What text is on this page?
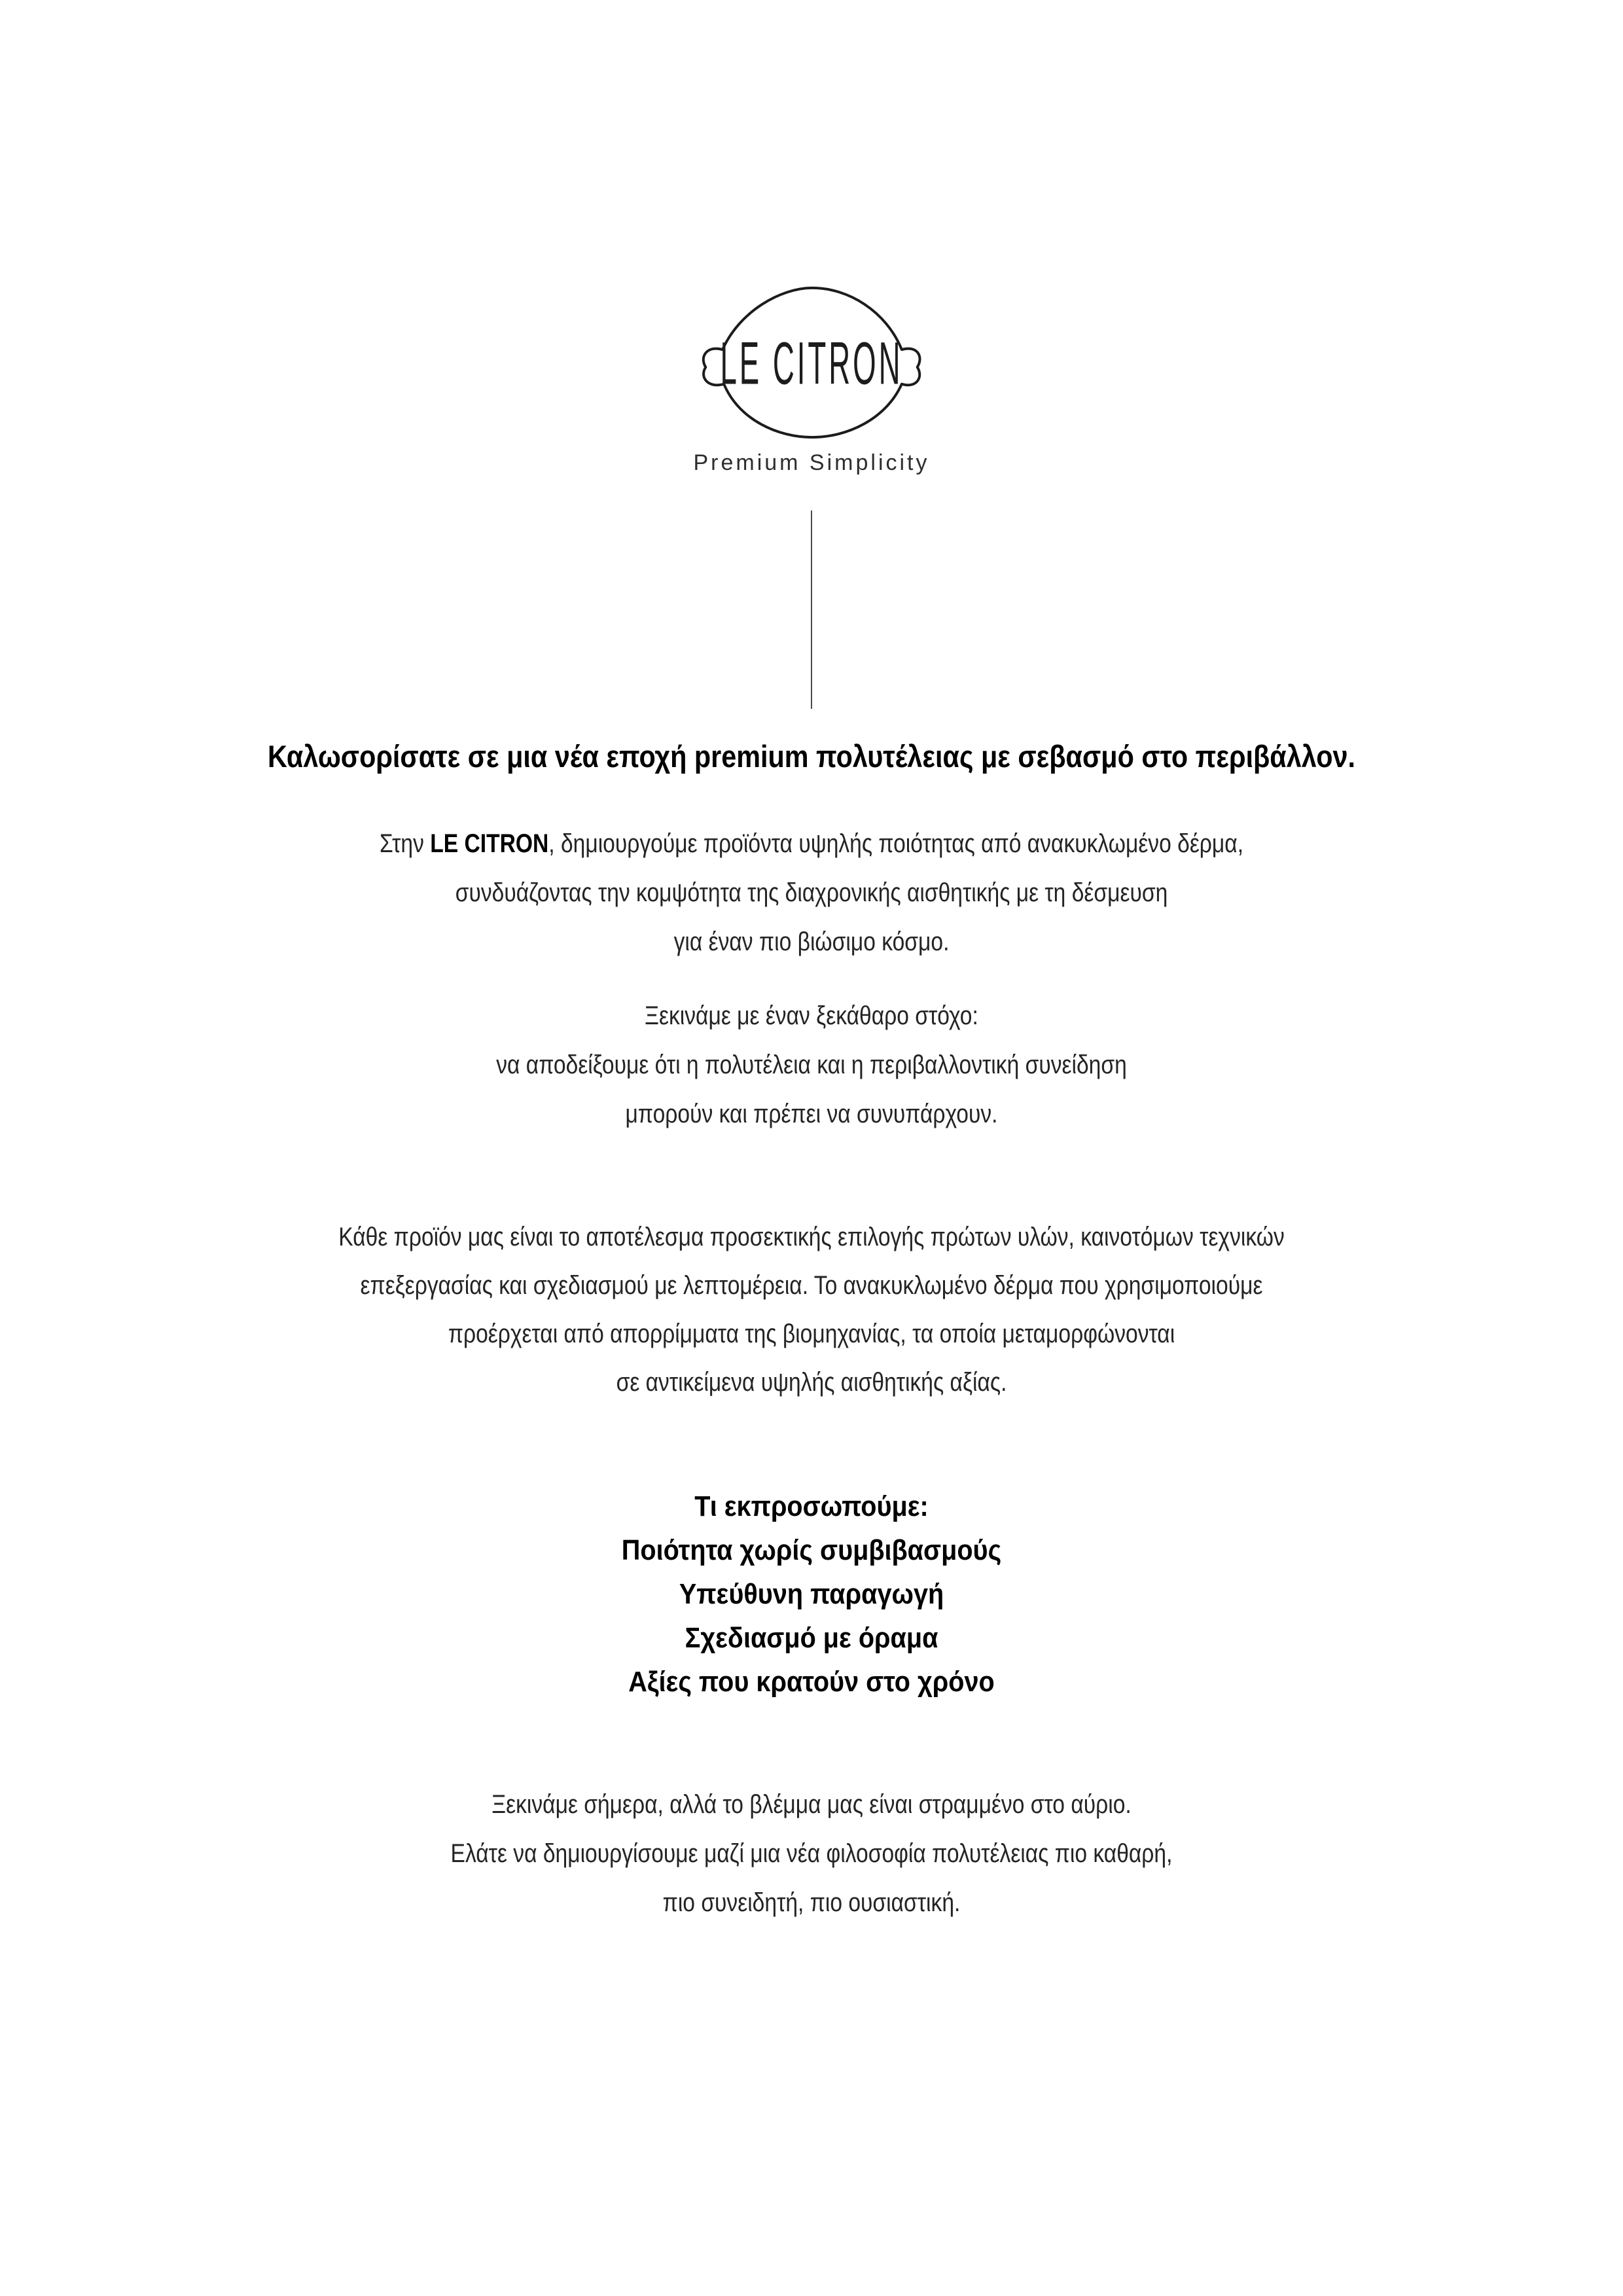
LE CITRON
Premium Simplicity
Καλωσορίσατε σε μια νέα εποχή premium πολυτέλειας με σεβασμό στο περιβάλλον.
Στην LE CITRON, δημιουργούμε προϊόντα υψηλής ποιότητας από ανακυκλωμένο δέρμα,
συνδυάζοντας την κομψότητα της διαχρονικής αισθητικής με τη δέσμευση
για έναν πιο βιώσιμο κόσμο.
Ξεκινάμε με έναν ξεκάθαρο στόχο:
να αποδείξουμε ότι η πολυτέλεια και η περιβαλλοντική συνείδηση
μπορούν και πρέπει να συνυπάρχουν.
Κάθε προϊόν μας είναι το αποτέλεσμα προσεκτικής επιλογής πρώτων υλών, καινοτόμων τεχνικών
επεξεργασίας και σχεδιασμού με λεπτομέρεια. Το ανακυκλωμένο δέρμα που χρησιμοποιούμε
προέρχεται από απορρίμματα της βιομηχανίας, τα οποία μεταμορφώνονται
σε αντικείμενα υψηλής αισθητικής αξίας.
Τι εκπροσωπούμε:
Ποιότητα χωρίς συμβιβασμούς
Υπεύθυνη παραγωγή
Σχεδιασμό με όραμα
Αξίες που κρατούν στο χρόνο
Ξεκινάμε σήμερα, αλλά το βλέμμα μας είναι στραμμένο στο αύριο.
Ελάτε να δημιουργίσουμε μαζί μια νέα φιλοσοφία πολυτέλειας πιο καθαρή,
πιο συνειδητή, πιο ουσιαστική.
